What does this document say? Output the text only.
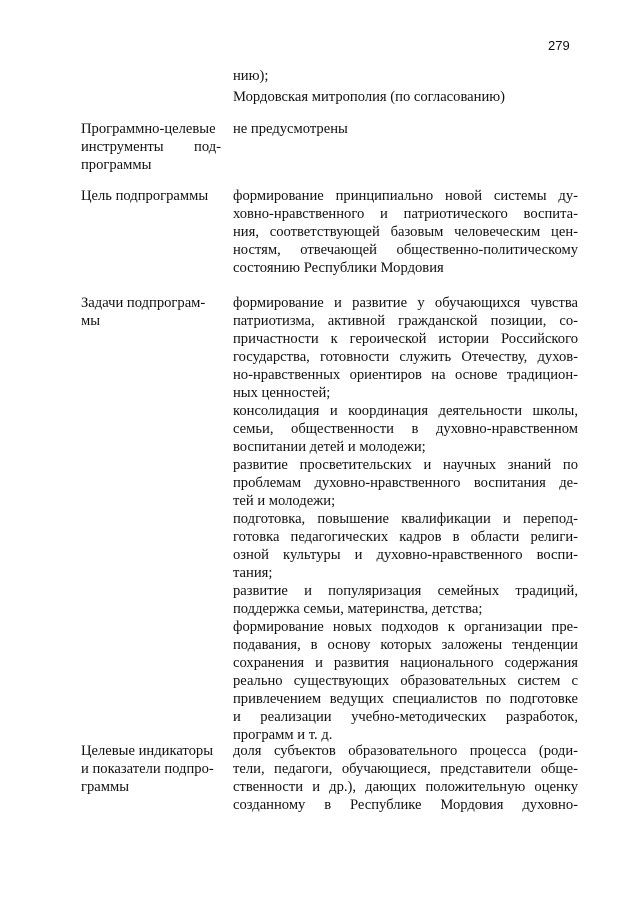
279
нию);
Мордовская митрополия (по согласованию)
Программно-целевые
инструменты под-
программы
не предусмотрены
Цель подпрограммы	формирование принципиально новой системы ду-
ховно-нравственного и патриотического воспита-
ния, соответствующей базовым человеческим цен-
ностям, отвечающей общественно-политическому
состоянию Республики Мордовия
Задачи подпрограм-
мы
формирование и развитие у обучающихся чувства
патриотизма, активной гражданской позиции, со-
причастности к героической истории Российского
государства, готовности служить Отечеству, духов-
но-нравственных ориентиров на основе традицион-
ных ценностей;
консолидация и координация деятельности школы,
семьи, общественности в духовно-нравственном
воспитании детей и молодежи;
развитие просветительских и научных знаний по
проблемам духовно-нравственного воспитания де-
тей и молодежи;
подготовка, повышение квалификации и перепод-
готовка педагогических кадров в области религи-
озной культуры и духовно-нравственного воспи-
тания;
развитие и популяризация семейных традиций,
поддержка семьи, материнства, детства;
формирование новых подходов к организации пре-
подавания, в основу которых заложены тенденции
сохранения и развития национального содержания
реально существующих образовательных систем с
привлечением ведущих специалистов по подготовке
и реализации учебно-методических разработок,
программ и т. д.
Целевые индикаторы
и показатели подпро-
граммы
доля субъектов образовательного процесса (роди-
тели, педагоги, обучающиеся, представители обще-
ственности и др.), дающих положительную оценку
созданному в Республике Мордовия духовно-
